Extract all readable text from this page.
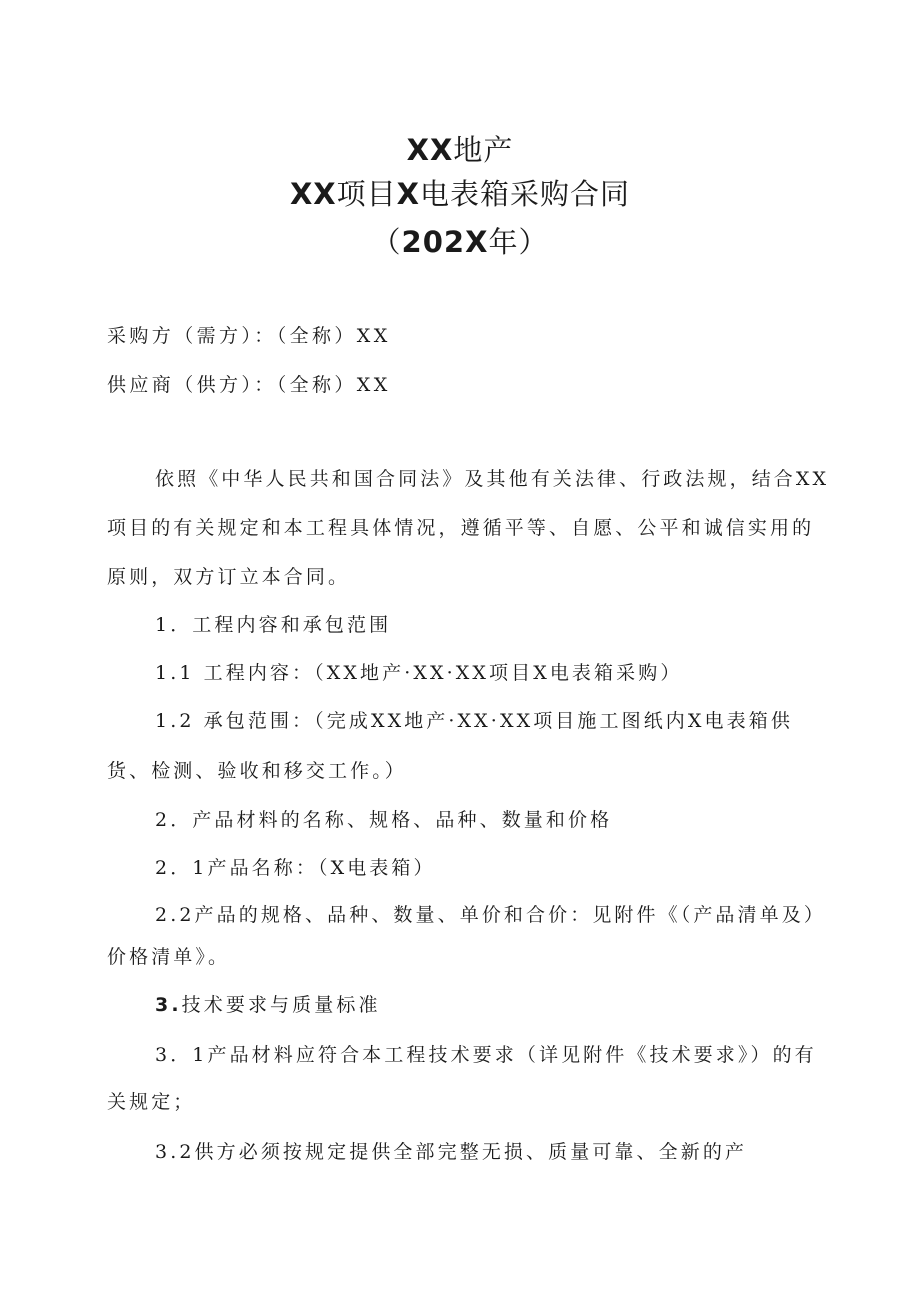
XX地产
XX项目X电表箱采购合同
（202X年）
采购方（需方）：（全称）XX
供应商（供方）：（全称）XX
依照《中华人民共和国合同法》及其他有关法律、行政法规，结合XX
项目的有关规定和本工程具体情况，遵循平等、自愿、公平和诚信实用的
原则，双方订立本合同。
1．工程内容和承包范围
1.1 工程内容：（XX地产·XX·XX项目X电表箱采购）
1.2 承包范围：（完成XX地产·XX·XX项目施工图纸内X电表箱供
货、检测、验收和移交工作。）
2．产品材料的名称、规格、品种、数量和价格
2．1产品名称：（X电表箱）
2.2产品的规格、品种、数量、单价和合价：见附件《（产品清单及）
价格清单》。
3.技术要求与质量标准
3．1产品材料应符合本工程技术要求（详见附件《技术要求》）的有
关规定；
3.2供方必须按规定提供全部完整无损、质量可靠、全新的产
